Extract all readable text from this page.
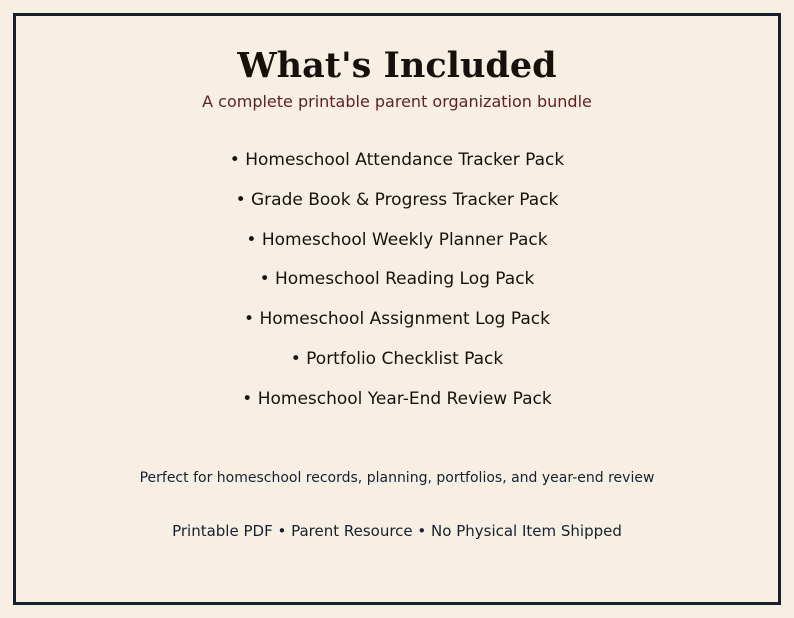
What's Included

A complete printable parent organization bundle

• Homeschool Attendance Tracker Pack
• Grade Book & Progress Tracker Pack
• Homeschool Weekly Planner Pack
• Homeschool Reading Log Pack
• Homeschool Assignment Log Pack
• Portfolio Checklist Pack
• Homeschool Year-End Review Pack

Perfect for homeschool records, planning, portfolios, and year-end review

Printable PDF • Parent Resource • No Physical Item Shipped
